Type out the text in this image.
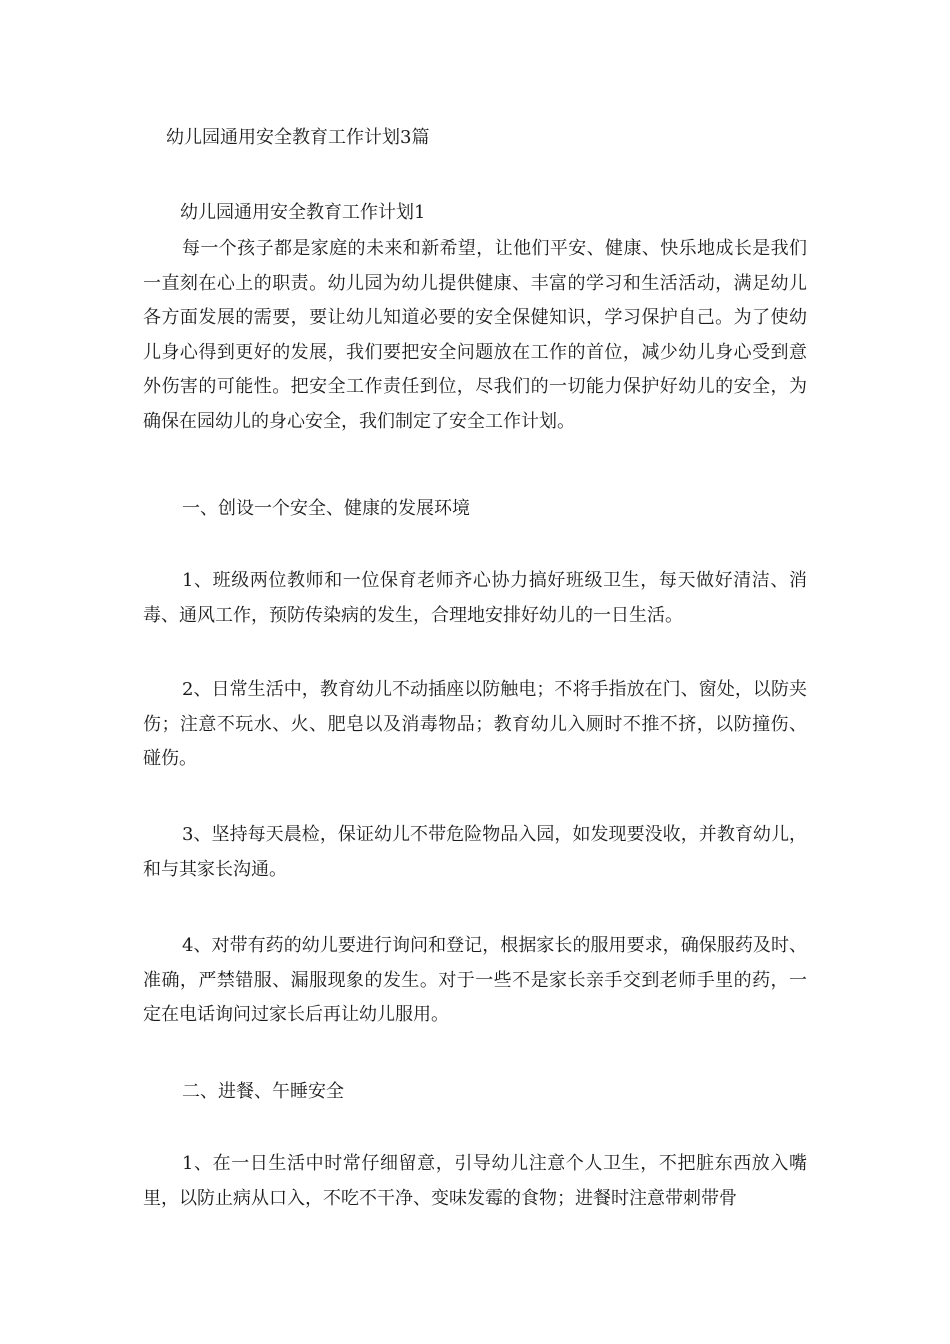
幼儿园通用安全教育工作计划3篇
幼儿园通用安全教育工作计划1

每一个孩子都是家庭的未来和新希望，让他们平安、健康、快乐地成长是我们一直刻在心上的职责。幼儿园为幼儿提供健康、丰富的学习和生活活动，满足幼儿各方面发展的需要，要让幼儿知道必要的安全保健知识，学习保护自己。为了使幼儿身心得到更好的发展，我们要把安全问题放在工作的首位，减少幼儿身心受到意外伤害的可能性。把安全工作责任到位，尽我们的一切能力保护好幼儿的安全，为确保在园幼儿的身心安全，我们制定了安全工作计划。

一、创设一个安全、健康的发展环境

1、班级两位教师和一位保育老师齐心协力搞好班级卫生，每天做好清洁、消毒、通风工作，预防传染病的发生，合理地安排好幼儿的一日生活。

2、日常生活中，教育幼儿不动插座以防触电；不将手指放在门、窗处，以防夹伤；注意不玩水、火、肥皂以及消毒物品；教育幼儿入厕时不推不挤，以防撞伤、碰伤。

3、坚持每天晨检，保证幼儿不带危险物品入园，如发现要没收，并教育幼儿，和与其家长沟通。

4、对带有药的幼儿要进行询问和登记，根据家长的服用要求，确保服药及时、准确，严禁错服、漏服现象的发生。对于一些不是家长亲手交到老师手里的药，一定在电话询问过家长后再让幼儿服用。

二、进餐、午睡安全

1、在一日生活中时常仔细留意，引导幼儿注意个人卫生，不把脏东西放入嘴里，以防止病从口入，不吃不干净、变味发霉的食物；进餐时注意带刺带骨
